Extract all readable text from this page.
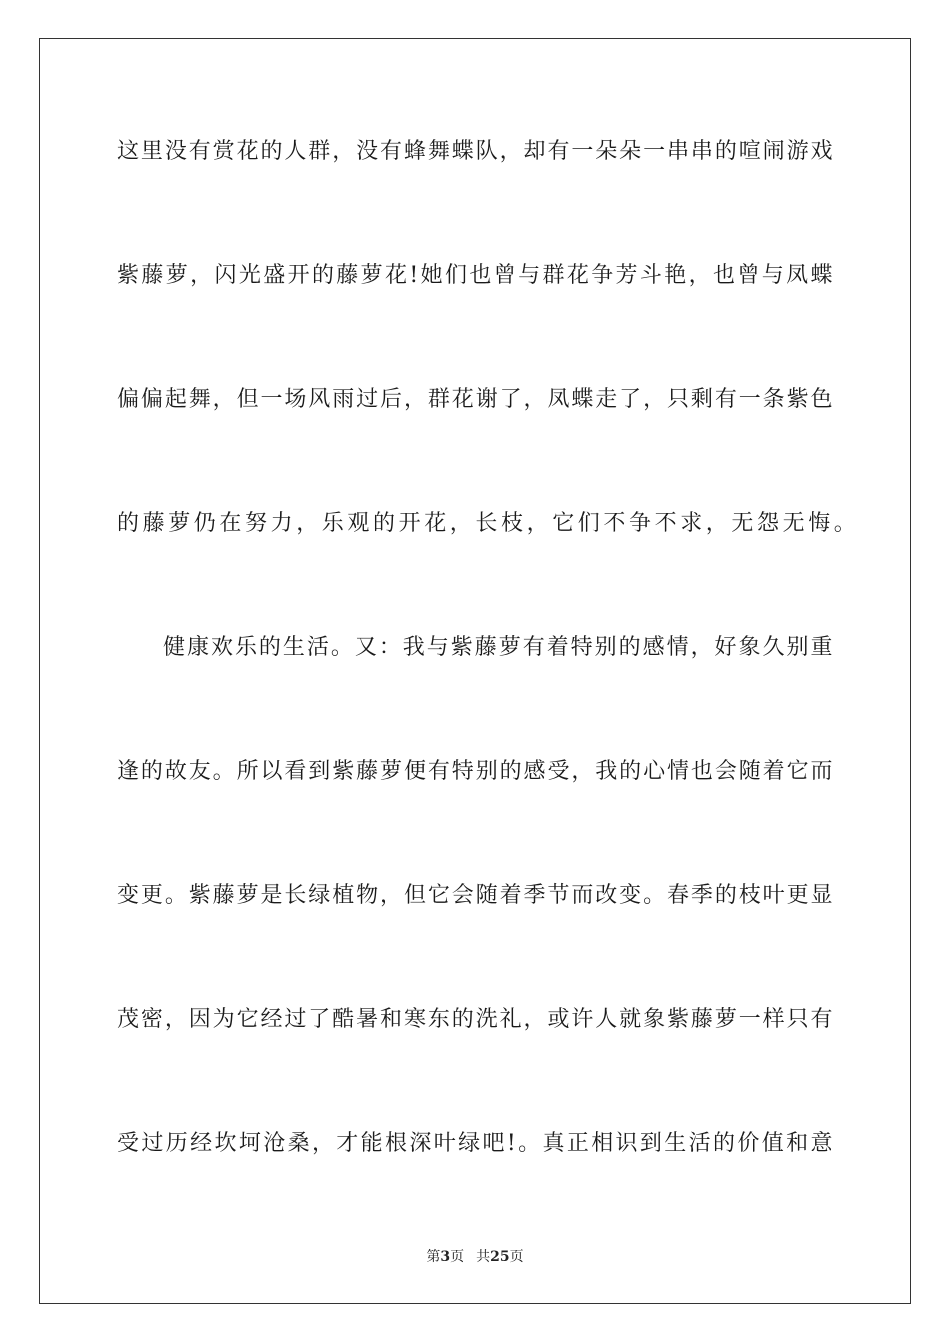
这里没有赏花的人群，没有蜂舞蝶队，却有一朵朵一串串的喧闹游戏
紫藤萝，闪光盛开的藤萝花!她们也曾与群花争芳斗艳，也曾与凤蝶
偏偏起舞，但一场风雨过后，群花谢了，凤蝶走了，只剩有一条紫色
的藤萝仍在努力，乐观的开花，长枝，它们不争不求，无怨无悔。
健康欢乐的生活。又：我与紫藤萝有着特别的感情，好象久别重
逢的故友。所以看到紫藤萝便有特别的感受，我的心情也会随着它而
变更。紫藤萝是长绿植物，但它会随着季节而改变。春季的枝叶更显
茂密，因为它经过了酷暑和寒东的洗礼，或许人就象紫藤萝一样只有
受过历经坎坷沧桑，才能根深叶绿吧!。真正相识到生活的价值和意
第3页 共25页
